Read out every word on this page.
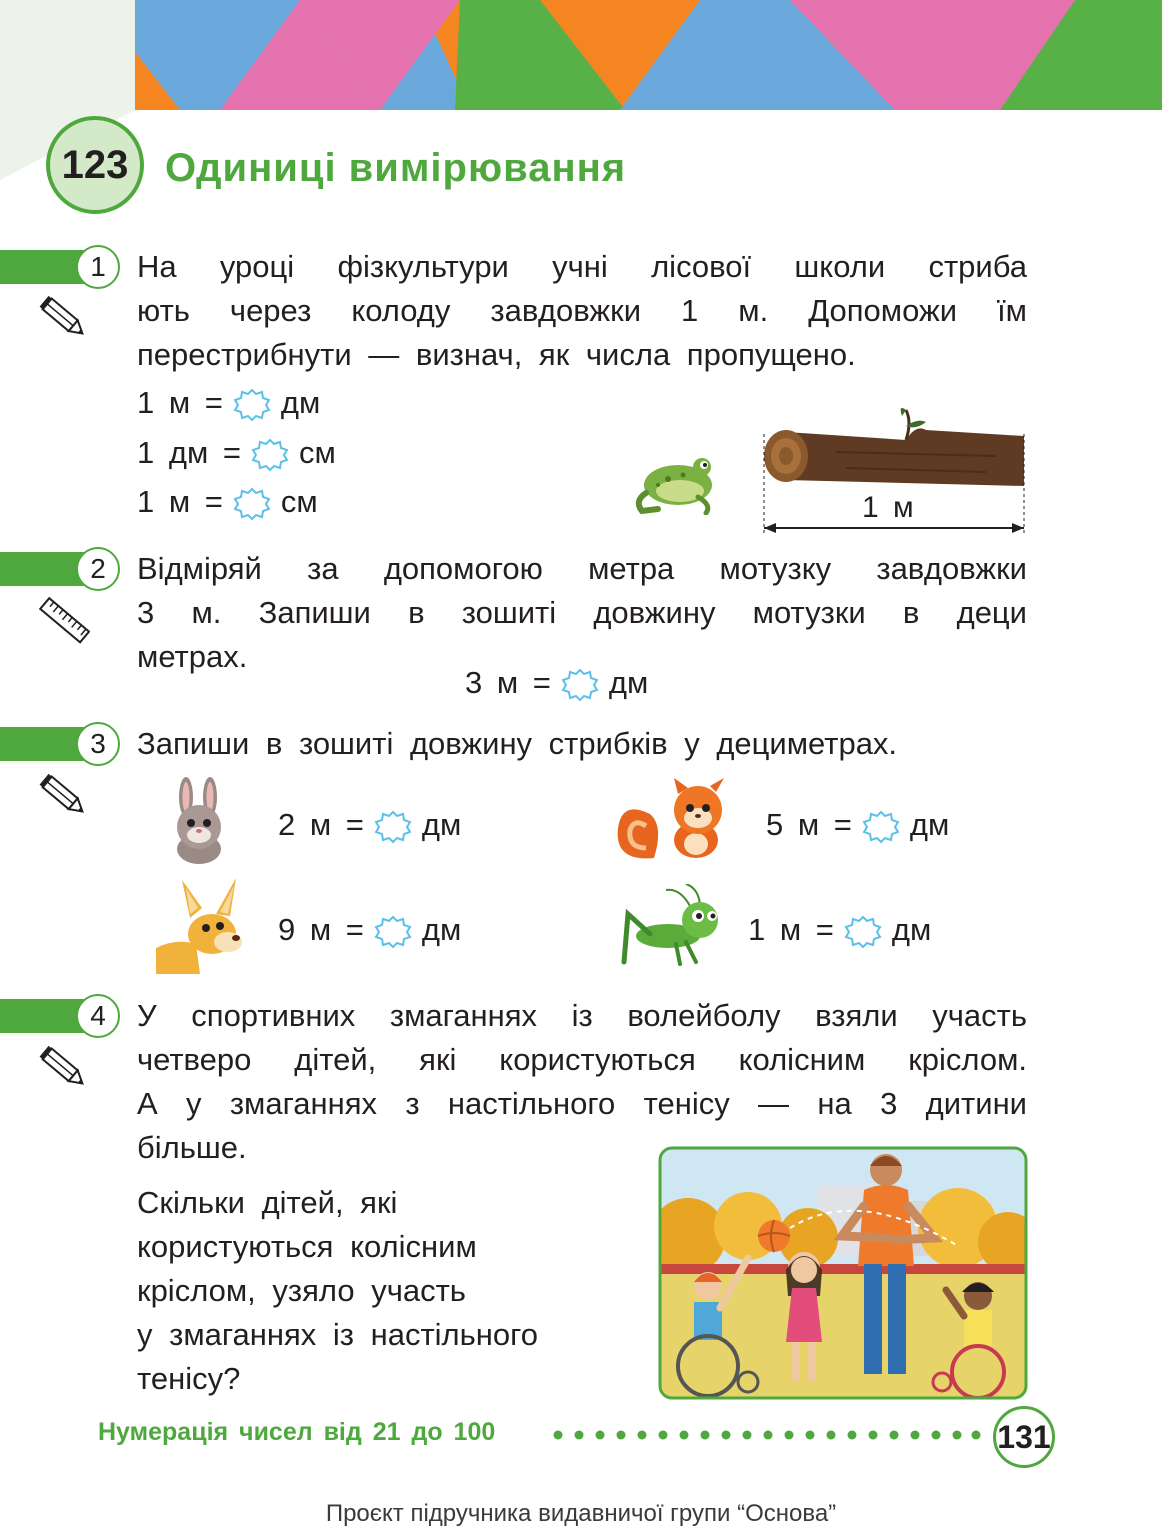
123 Одиниці вимірювання
1	На уроці фізкультури учні лісової школи стриба
ють через колоду завдовжки 1 м. Допоможи їм
перестрибнути — визнач, як числа пропущено.
1 м = дм
1 дм = см
1 м = см	1 м
2	Відміряй за допомогою метра мотузку завдовжки
3 м. Запиши в зошиті довжину мотузки в деци
метрах.
3 м = дм
3	Запиши в зошиті довжину стрибків у дециметрах.
2 м = дм	5 м = дм
9 м = дм	1 м = дм
4	У спортивних змаганнях із волейболу взяли участь
четверо дітей, які користуються колісним кріслом.
А у змаганнях з настільного тенісу — на 3 дитини
більше.
Скільки дітей, які
користуються колісним
кріслом, узяло участь
у змаганнях із настільного
тенісу?
Нумерація чисел від 21 до 100	131
Проєкт підручника видавничої групи “Основа”
